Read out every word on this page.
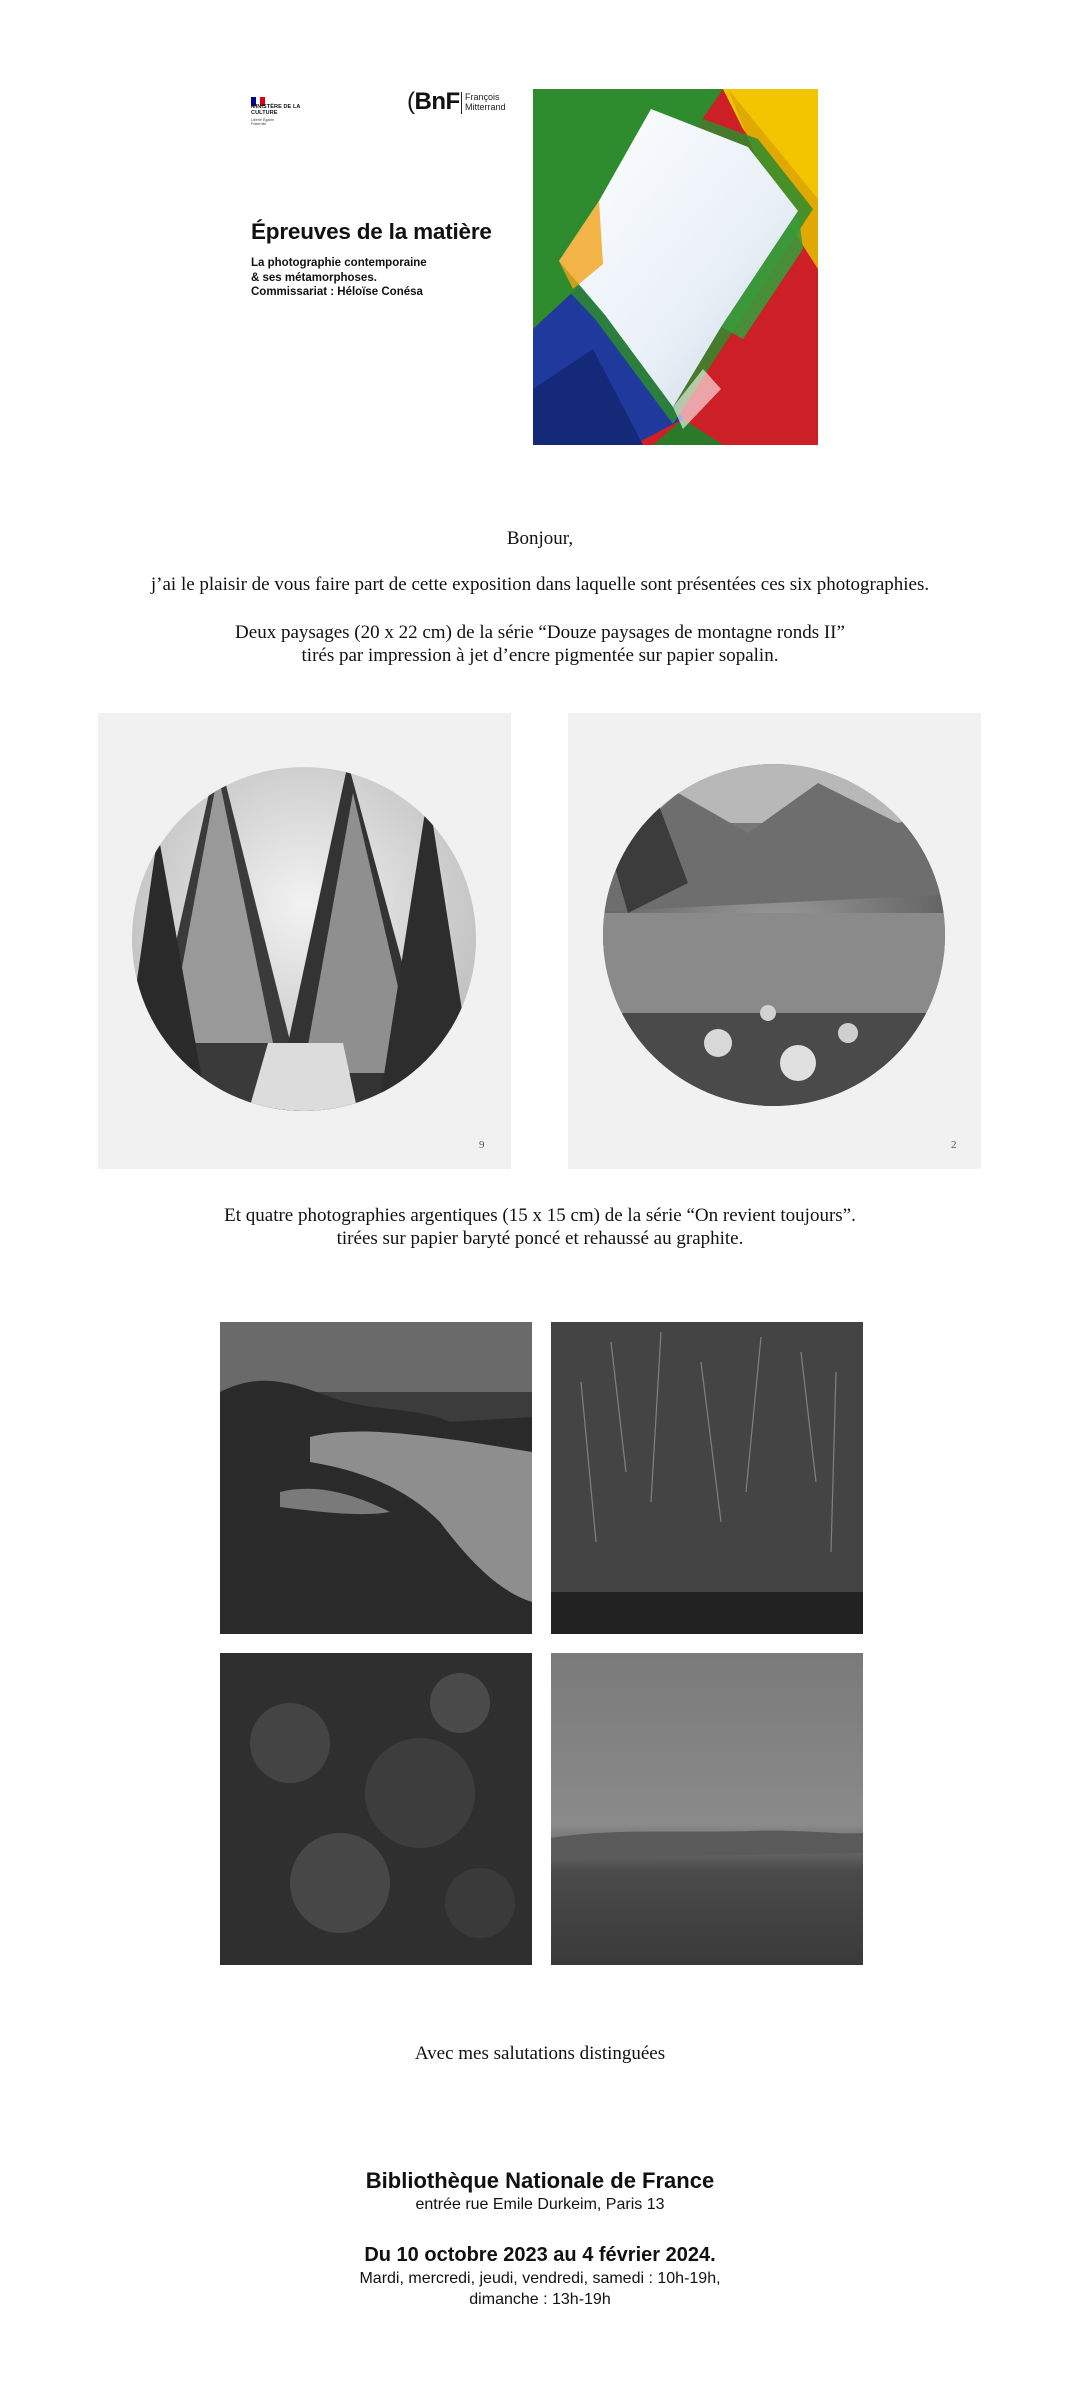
MINISTÈRE DE LA CULTURE
Liberté Égalité Fraternité
(BnF François Mitterrand
Épreuves de la matière
La photographie contemporaine
& ses métamorphoses.
Commissariat : Héloïse Conésa
Bonjour,
j’ai le plaisir de vous faire part de cette exposition dans laquelle sont présentées ces six photographies.
Deux paysages (20 x 22 cm) de la série “Douze paysages de montagne ronds II”
tirés par impression à jet d’encre pigmentée sur papier sopalin.
9	2
Et quatre photographies argentiques (15 x 15 cm) de la série “On revient toujours”.
tirées sur papier baryté poncé et rehaussé au graphite.
Avec mes salutations distinguées
Bibliothèque Nationale de France
entrée rue Emile Durkeim, Paris 13
Du 10 octobre 2023 au 4 février 2024.
Mardi, mercredi, jeudi, vendredi, samedi : 10h-19h,
dimanche : 13h-19h
